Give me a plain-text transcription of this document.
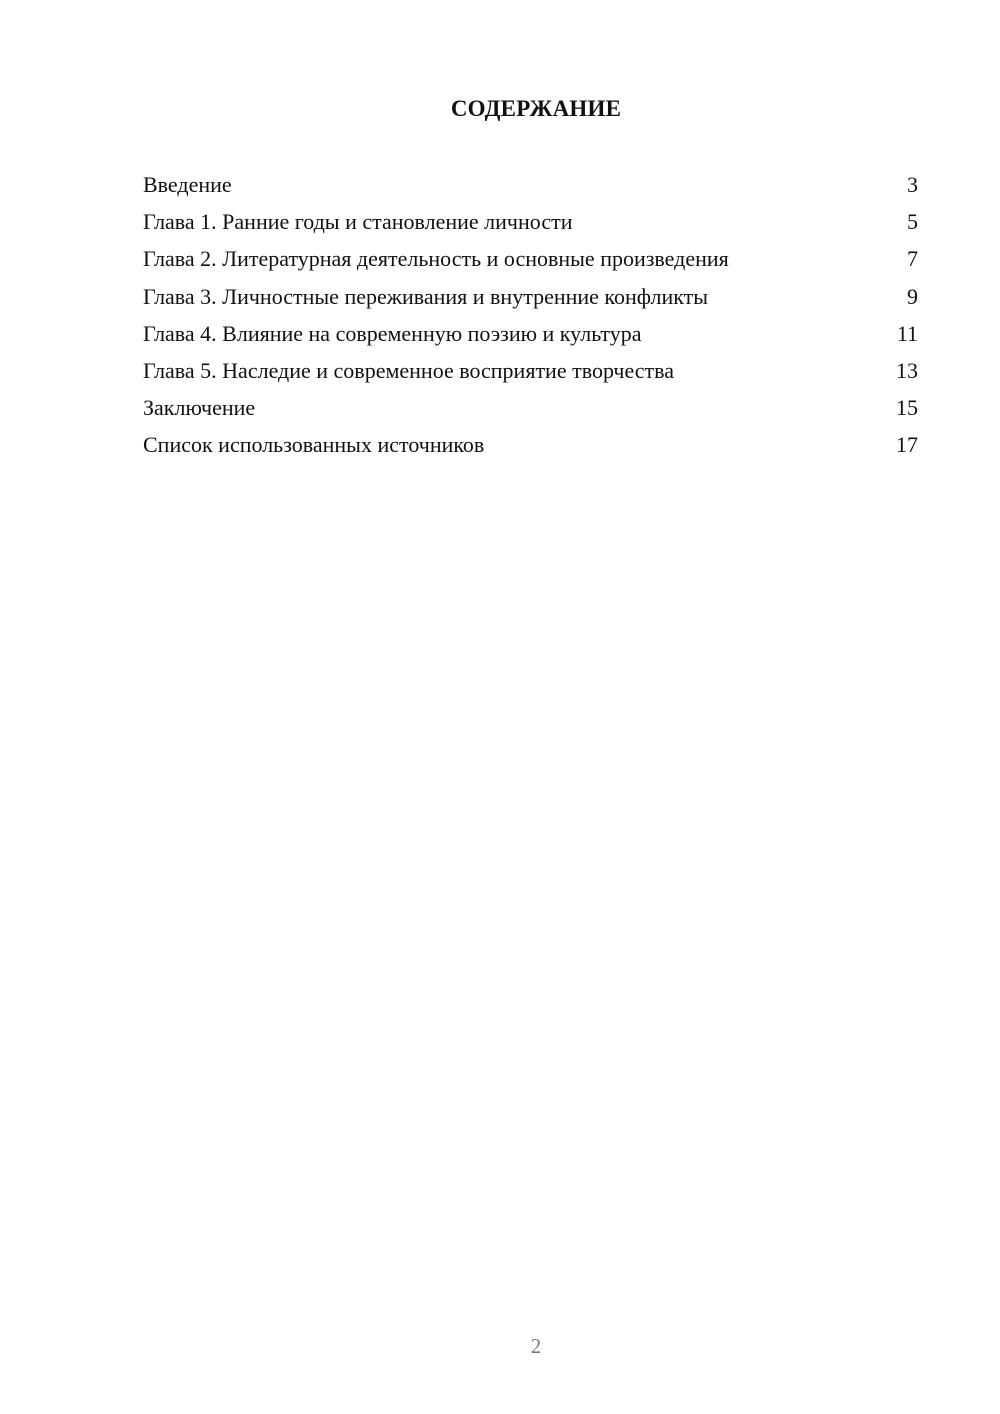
СОДЕРЖАНИЕ
Введение	3
Глава 1. Ранние годы и становление личности	5
Глава 2. Литературная деятельность и основные произведения	7
Глава 3. Личностные переживания и внутренние конфликты	9
Глава 4. Влияние на современную поэзию и культура	11
Глава 5. Наследие и современное восприятие творчества	13
Заключение	15
Список использованных источников	17
2
